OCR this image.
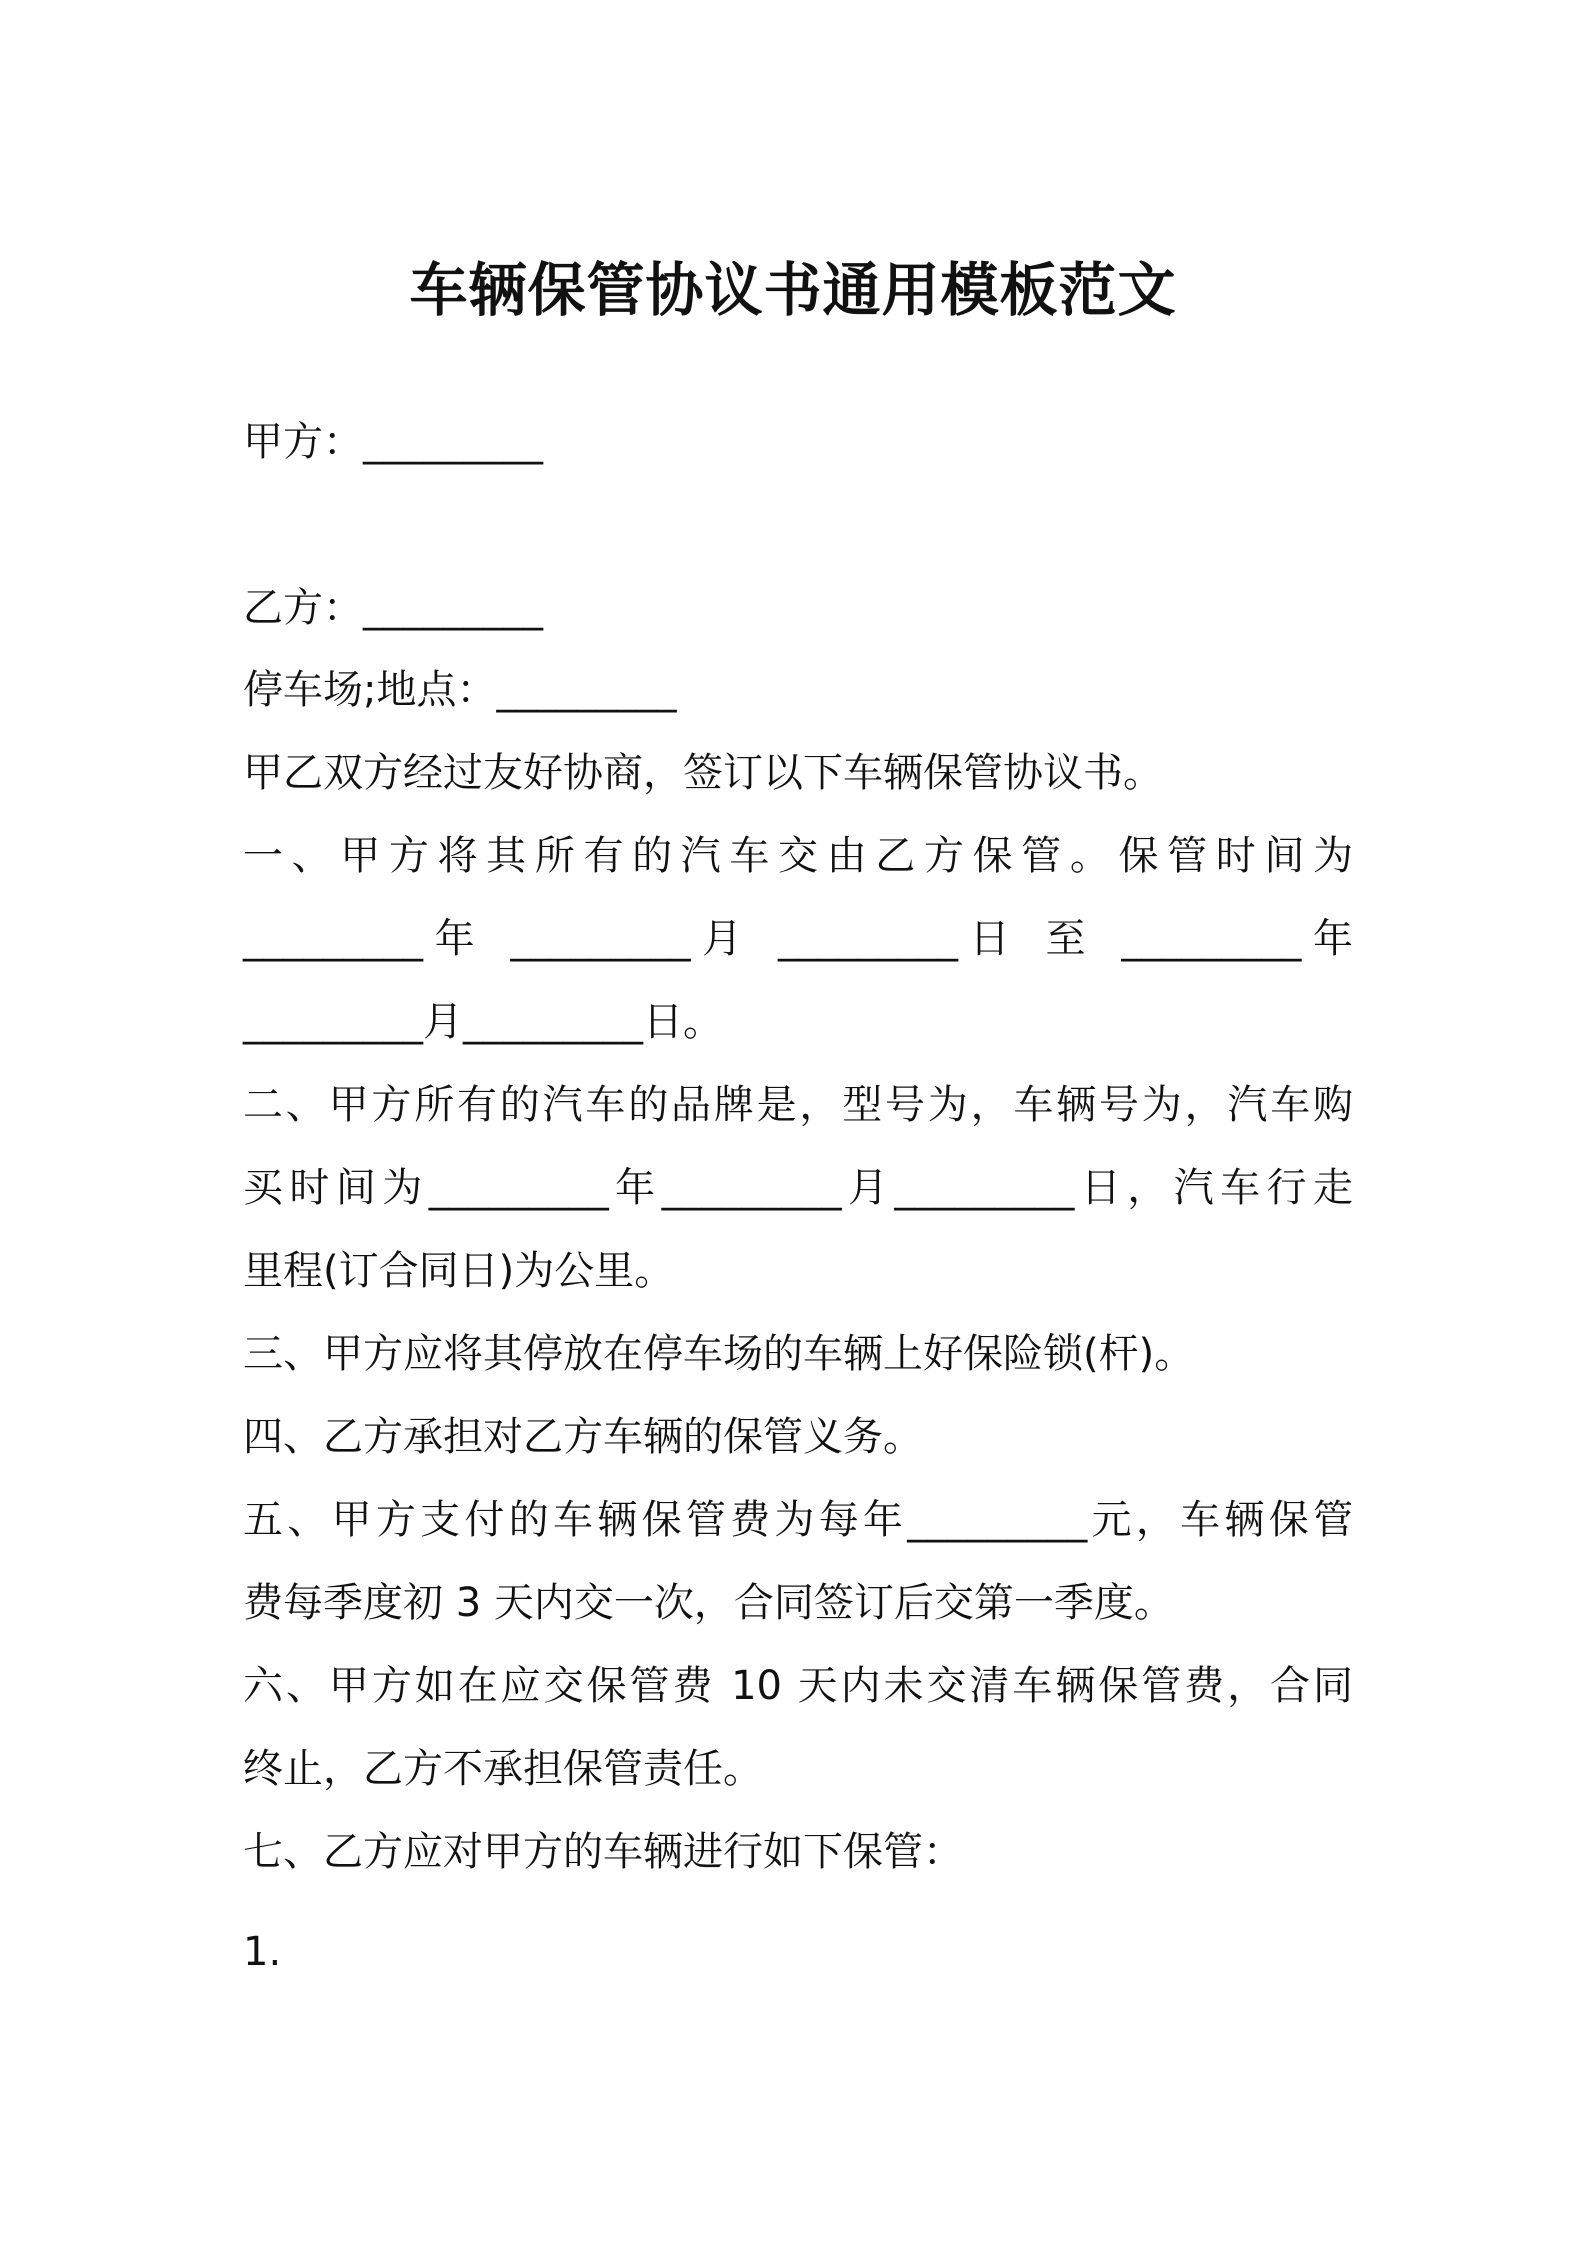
车辆保管协议书通用模板范文
甲方：_________
乙方：_________
停车场;地点：_________
甲乙双方经过友好协商，签订以下车辆保管协议书。
一、甲方将其所有的汽车交由乙方保管。保管时间为
_________年 _________月 _________日 至 _________年
_________月_________日。
二、甲方所有的汽车的品牌是，型号为，车辆号为，汽车购
买时间为_________年_________月_________日，汽车行走
里程(订合同日)为公里。
三、甲方应将其停放在停车场的车辆上好保险锁(杆)。
四、乙方承担对乙方车辆的保管义务。
五、甲方支付的车辆保管费为每年_________元，车辆保管
费每季度初 3 天内交一次，合同签订后交第一季度。
六、甲方如在应交保管费 10 天内未交清车辆保管费，合同
终止，乙方不承担保管责任。
七、乙方应对甲方的车辆进行如下保管：
1.
